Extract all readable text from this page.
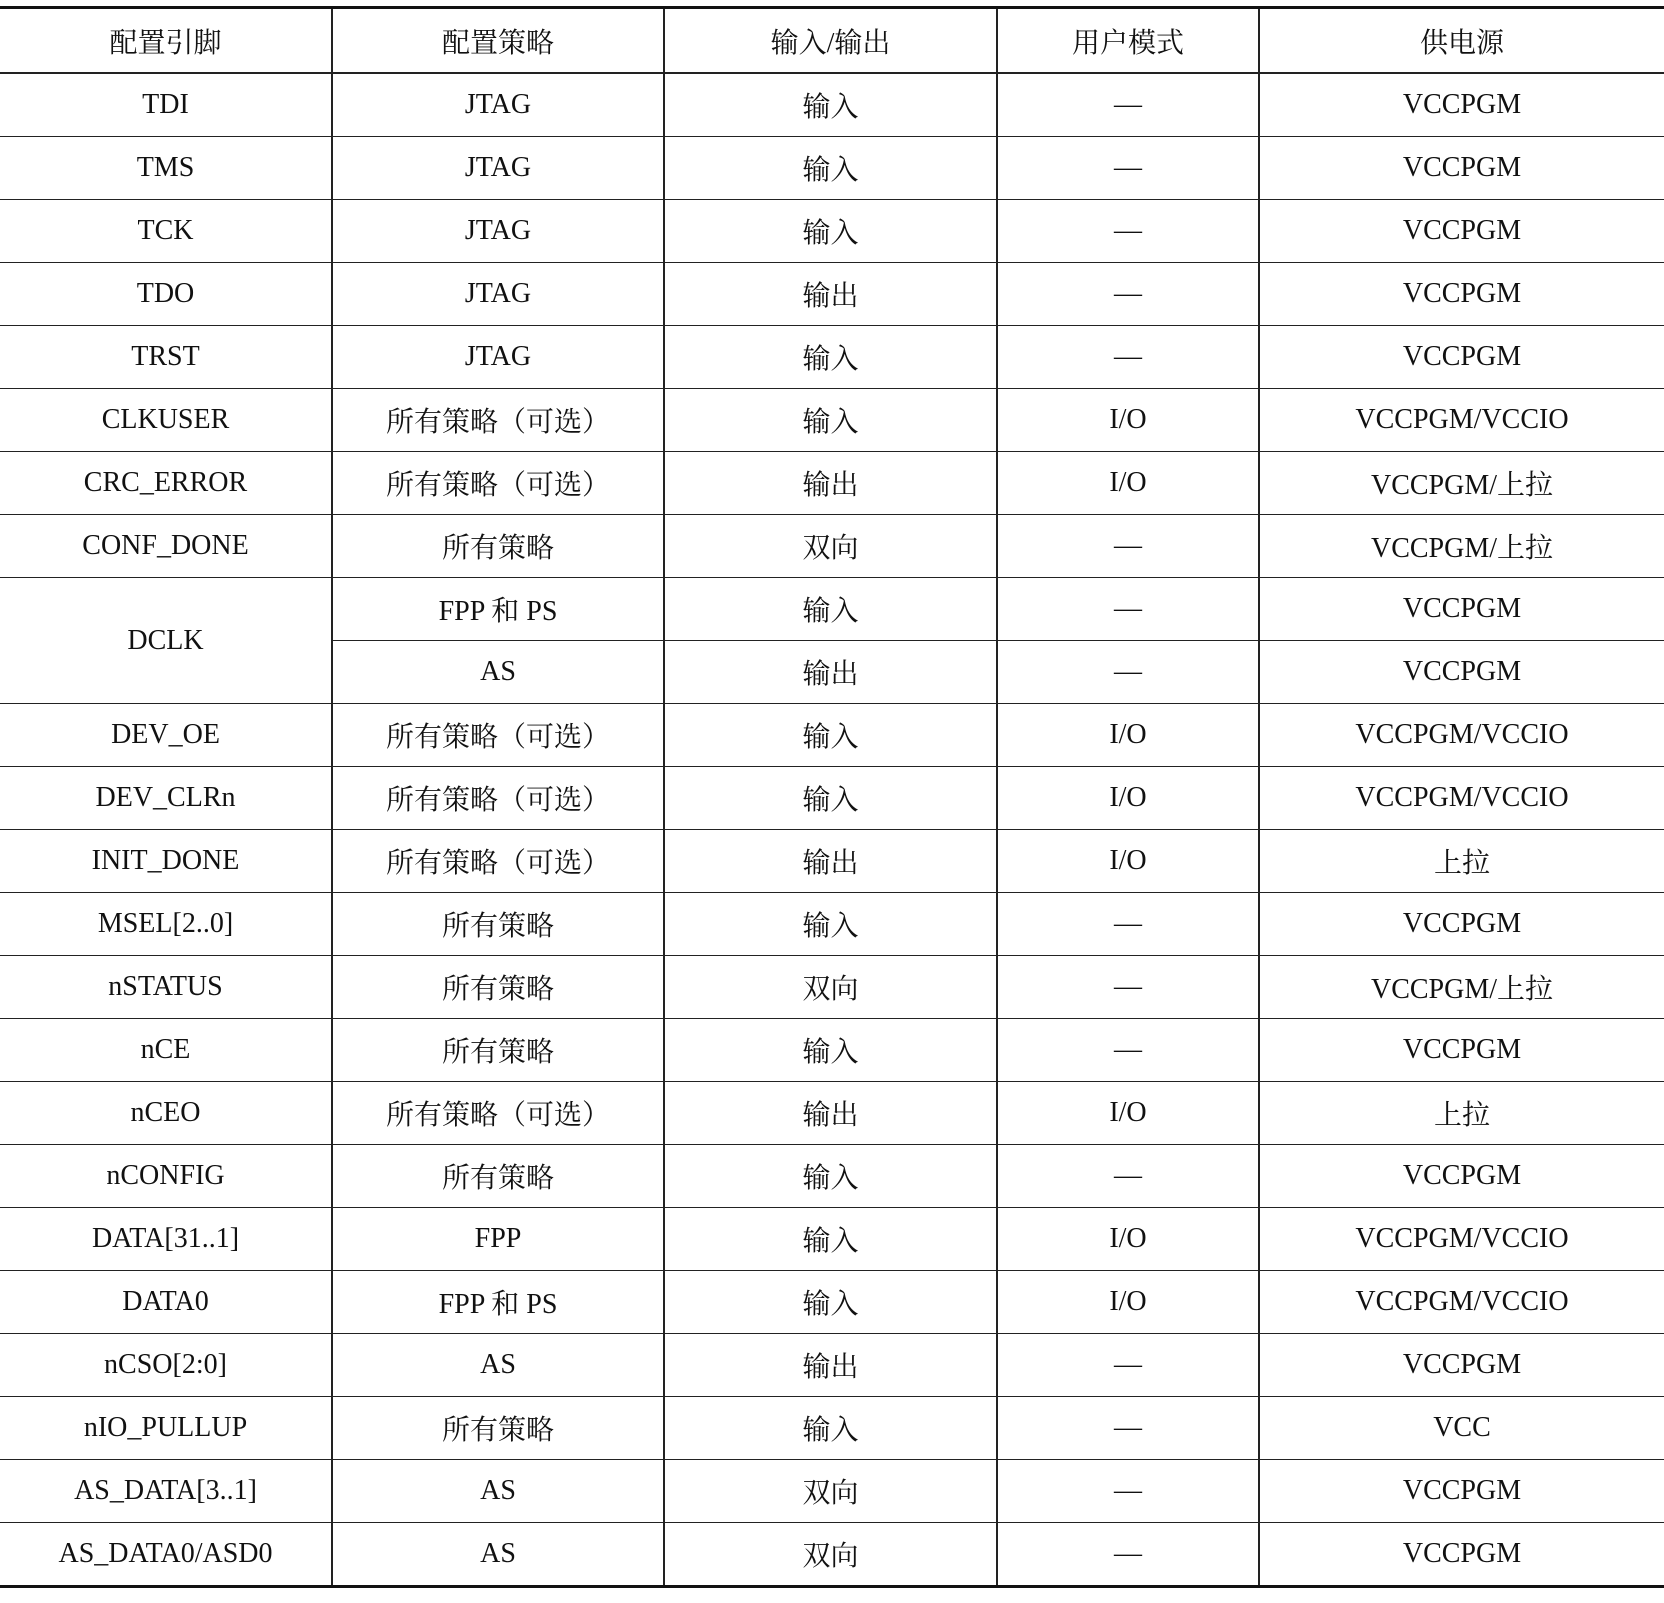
配置引脚	配置策略	输入/输出	用户模式	供电源
TDI	JTAG	输入	—	VCCPGM
TMS	JTAG	输入	—	VCCPGM
TCK	JTAG	输入	—	VCCPGM
TDO	JTAG	输出	—	VCCPGM
TRST	JTAG	输入	—	VCCPGM
CLKUSER	所有策略（可选）	输入	I/O	VCCPGM/VCCIO
CRC_ERROR	所有策略（可选）	输出	I/O	VCCPGM/上拉
CONF_DONE	所有策略	双向	—	VCCPGM/上拉
DCLK	FPP 和 PS	输入	—	VCCPGM
	AS	输出	—	VCCPGM
DEV_OE	所有策略（可选）	输入	I/O	VCCPGM/VCCIO
DEV_CLRn	所有策略（可选）	输入	I/O	VCCPGM/VCCIO
INIT_DONE	所有策略（可选）	输出	I/O	上拉
MSEL[2..0]	所有策略	输入	—	VCCPGM
nSTATUS	所有策略	双向	—	VCCPGM/上拉
nCE	所有策略	输入	—	VCCPGM
nCEO	所有策略（可选）	输出	I/O	上拉
nCONFIG	所有策略	输入	—	VCCPGM
DATA[31..1]	FPP	输入	I/O	VCCPGM/VCCIO
DATA0	FPP 和 PS	输入	I/O	VCCPGM/VCCIO
nCSO[2:0]	AS	输出	—	VCCPGM
nIO_PULLUP	所有策略	输入	—	VCC
AS_DATA[3..1]	AS	双向	—	VCCPGM
AS_DATA0/ASD0	AS	双向	—	VCCPGM
